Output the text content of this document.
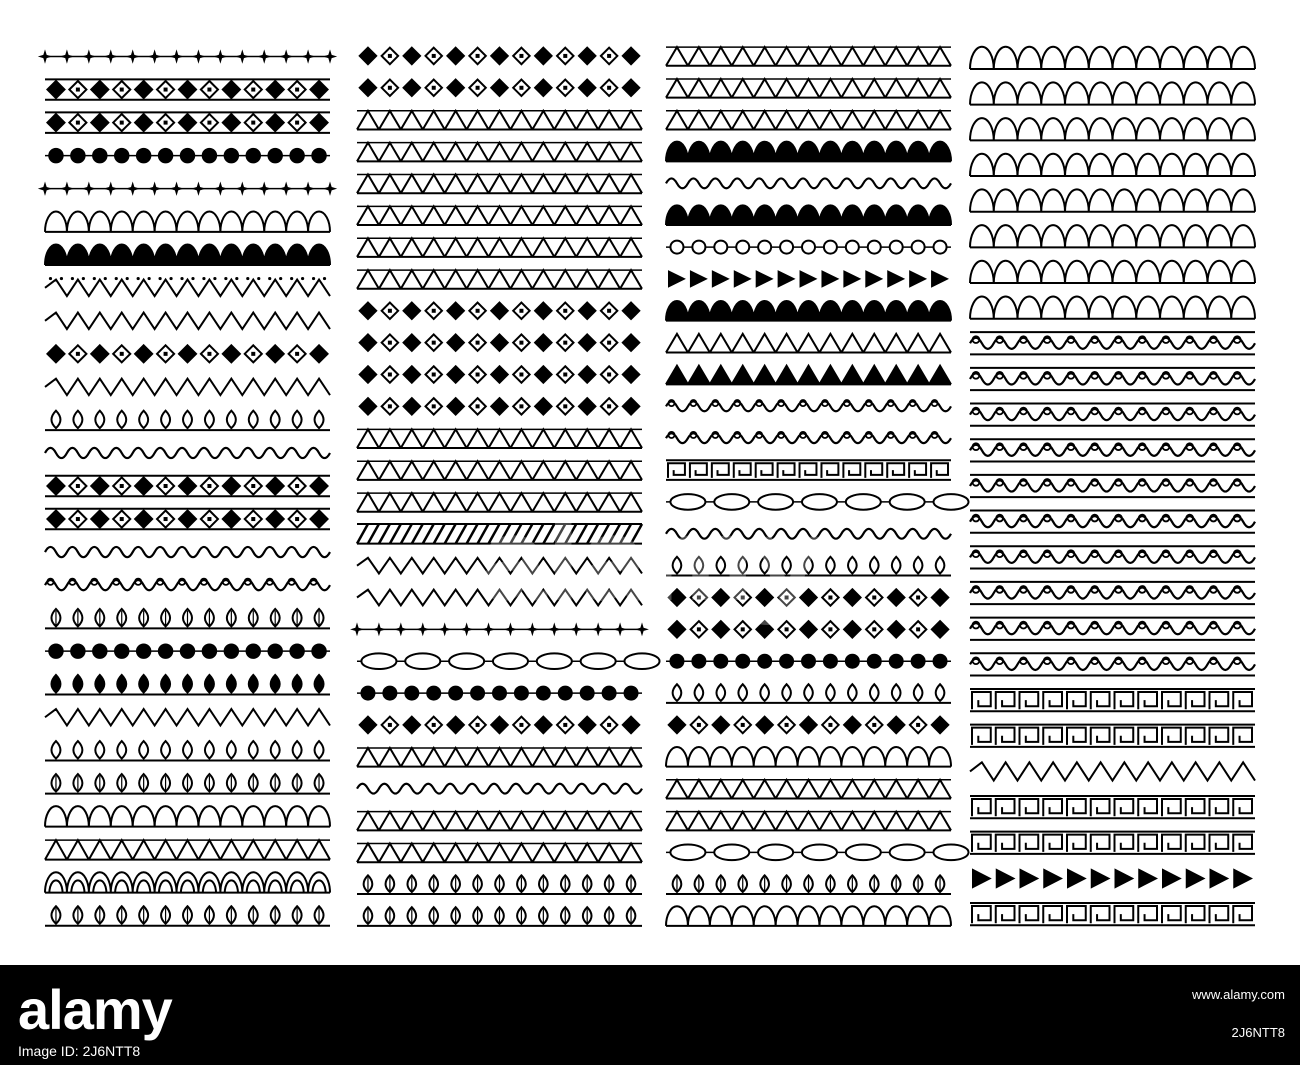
alamy
alamy
Image ID: 2J6NTT8
www.alamy.com
2J6NTT8
